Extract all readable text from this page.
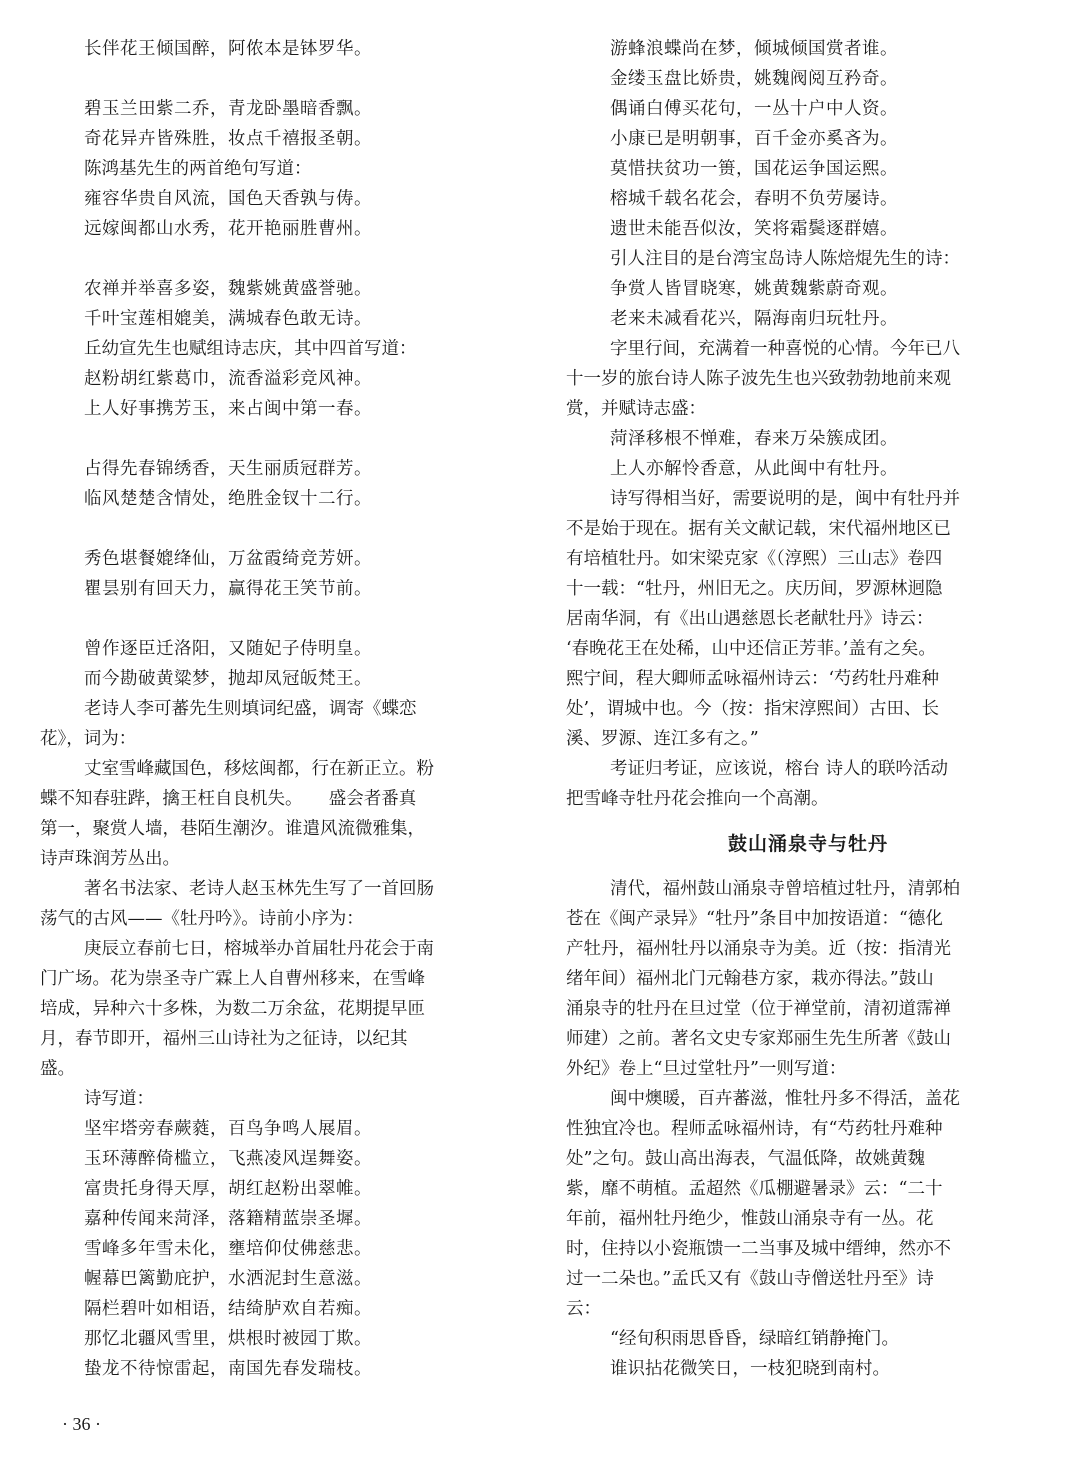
长伴花王倾国醉，阿侬本是钵罗华。
碧玉兰田紫二乔，青龙卧墨暗香飘。
奇花异卉皆殊胜，妆点千禧报圣朝。
陈鸿基先生的两首绝句写道：
雍容华贵自风流，国色天香孰与俦。
远嫁闽都山水秀，花开艳丽胜曹州。
农禅并举喜多姿，魏紫姚黄盛誉驰。
千叶宝莲相媲美，满城春色敢无诗。
丘幼宣先生也赋组诗志庆，其中四首写道：
赵粉胡红紫葛巾，流香溢彩竞风神。
上人好事携芳玉，来占闽中第一春。
占得先春锦绣香，天生丽质冠群芳。
临风楚楚含情处，绝胜金钗十二行。
秀色堪餐媲绛仙，万盆霞绮竞芳妍。
瞿昙别有回天力，赢得花王笑节前。
曾作逐臣迁洛阳，又随妃子侍明皇。
而今勘破黄粱梦，抛却凤冠皈梵王。
老诗人李可蕃先生则填词纪盛，调寄《蝶恋
花》，词为：
丈室雪峰藏国色，移炫闽都，行在新正立。粉
蝶不知春驻跸，擒王枉自良机失。　　盛会者番真
第一，聚赏人墙，巷陌生潮汐。谁遣风流微雅集，
诗声珠润芳丛出。
著名书法家、老诗人赵玉林先生写了一首回肠
荡气的古风——《牡丹吟》。诗前小序为：
庚辰立春前七日，榕城举办首届牡丹花会于南
门广场。花为崇圣寺广霖上人自曹州移来，在雪峰
培成，异种六十多株，为数二万余盆，花期提早匝
月，春节即开，福州三山诗社为之征诗，以纪其
盛。
诗写道：
坚牢塔旁春蕨蕤，百鸟争鸣人展眉。
玉环薄醉倚槛立，飞燕凌风逞舞姿。
富贵托身得天厚，胡红赵粉出翠帷。
嘉种传闻来菏泽，落籍精蓝崇圣墀。
雪峰多年雪未化，壅培仰仗佛慈悲。
幄幕巴篱勤庇护，水洒泥封生意滋。
隔栏碧叶如相语，结绮胪欢自若痴。
那忆北疆风雪里，烘根时被园丁欺。
蛰龙不待惊雷起，南国先春发瑞枝。
游蜂浪蝶尚在梦，倾城倾国赏者谁。
金缕玉盘比娇贵，姚魏阀阅互矜奇。
偶诵白傅买花句，一丛十户中人资。
小康已是明朝事，百千金亦奚吝为。
莫惜扶贫功一篑，国花运争国运熙。
榕城千载名花会，春明不负劳屡诗。
遗世未能吾似汝，笑将霜鬓逐群嬉。
引人注目的是台湾宝岛诗人陈焙焜先生的诗：
争赏人皆冒晓寒，姚黄魏紫蔚奇观。
老来未减看花兴，隔海南归玩牡丹。
字里行间，充满着一种喜悦的心情。今年已八
十一岁的旅台诗人陈子波先生也兴致勃勃地前来观
赏，并赋诗志盛：
菏泽移根不惮难，春来万朵簇成团。
上人亦解怜香意，从此闽中有牡丹。
诗写得相当好，需要说明的是，闽中有牡丹并
不是始于现在。据有关文献记载，宋代福州地区已
有培植牡丹。如宋梁克家《（淳熙）三山志》卷四
十一载：“牡丹，州旧无之。庆历间，罗源林迥隐
居南华洞，有《出山遇慈恩长老献牡丹》诗云：
‘春晚花王在处稀，山中还信正芳菲。’盖有之矣。
熙宁间，程大卿师孟咏福州诗云：‘芍药牡丹难种
处’，谓城中也。今（按：指宋淳熙间）古田、长
溪、罗源、连江多有之。”
考证归考证，应该说，榕台 诗人的联吟活动
把雪峰寺牡丹花会推向一个高潮。
鼓山涌泉寺与牡丹
清代，福州鼓山涌泉寺曾培植过牡丹，清郭柏
苍在《闽产录异》“牡丹”条目中加按语道：“德化
产牡丹，福州牡丹以涌泉寺为美。近（按：指清光
绪年间）福州北门元翰巷方家，栽亦得法。”鼓山
涌泉寺的牡丹在旦过堂（位于禅堂前，清初道霈禅
师建）之前。著名文史专家郑丽生先生所著《鼓山
外纪》卷上“旦过堂牡丹”一则写道：
闽中燠暖，百卉蕃滋，惟牡丹多不得活，盖花
性独宜冷也。程师孟咏福州诗，有“芍药牡丹难种
处”之句。鼓山高出海表，气温低降，故姚黄魏
紫，靡不萌植。孟超然《瓜棚避暑录》云：“二十
年前，福州牡丹绝少，惟鼓山涌泉寺有一丛。花
时，住持以小瓷瓶馈一二当事及城中缙绅，然亦不
过一二朵也。”孟氏又有《鼓山寺僧送牡丹至》诗
云：
“经旬积雨思昏昏，绿暗红销静掩门。
谁识拈花微笑日，一枝犯晓到南村。
· 36 ·
